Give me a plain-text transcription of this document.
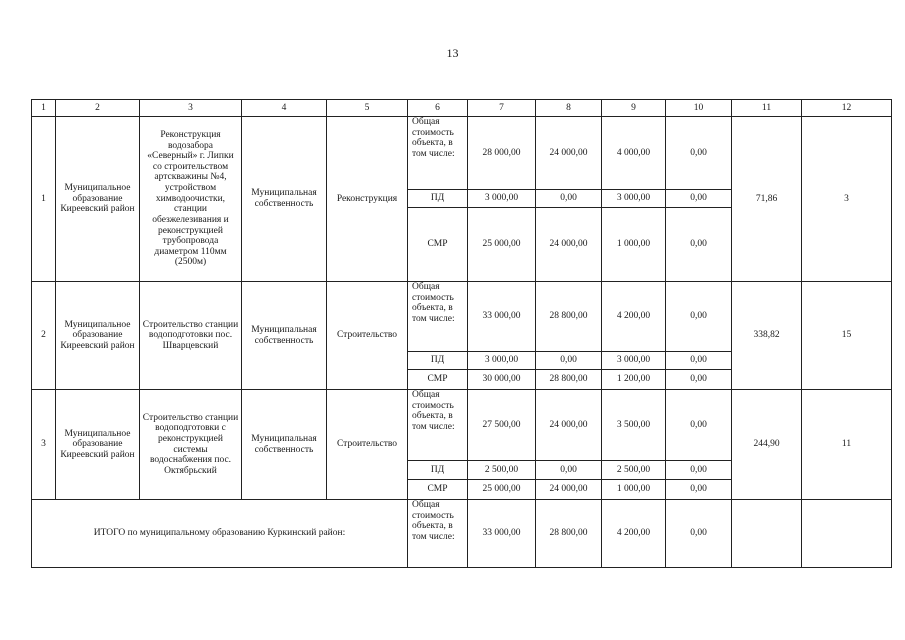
13
1	2	3	4	5	6	7	8	9	10	11	12
1	Муниципальное образование Киреевский район	Реконструкция водозабора «Северный» г. Липки со строительством артскважины №4, устройством химводоочистки, станции обезжелезивания и реконструкцией трубопровода диаметром 110мм (2500м)	Муниципальная собственность	Реконструкция	Общая стоимость объекта, в том числе:	28 000,00	24 000,00	4 000,00	0,00	71,86	3
					ПД	3 000,00	0,00	3 000,00	0,00		
					СМР	25 000,00	24 000,00	1 000,00	0,00		
2	Муниципальное образование Киреевский район	Строительство станции водоподготовки пос. Шварцевский	Муниципальная собственность	Строительство	Общая стоимость объекта, в том числе:	33 000,00	28 800,00	4 200,00	0,00	338,82	15
					ПД	3 000,00	0,00	3 000,00	0,00		
					СМР	30 000,00	28 800,00	1 200,00	0,00		
3	Муниципальное образование Киреевский район	Строительство станции водоподготовки с реконструкцией системы водоснабжения пос. Октябрьский	Муниципальная собственность	Строительство	Общая стоимость объекта, в том числе:	27 500,00	24 000,00	3 500,00	0,00	244,90	11
					ПД	2 500,00	0,00	2 500,00	0,00		
					СМР	25 000,00	24 000,00	1 000,00	0,00		
ИТОГО по муниципальному образованию Куркинский район:					Общая стоимость объекта, в том числе:	33 000,00	28 800,00	4 200,00	0,00		
